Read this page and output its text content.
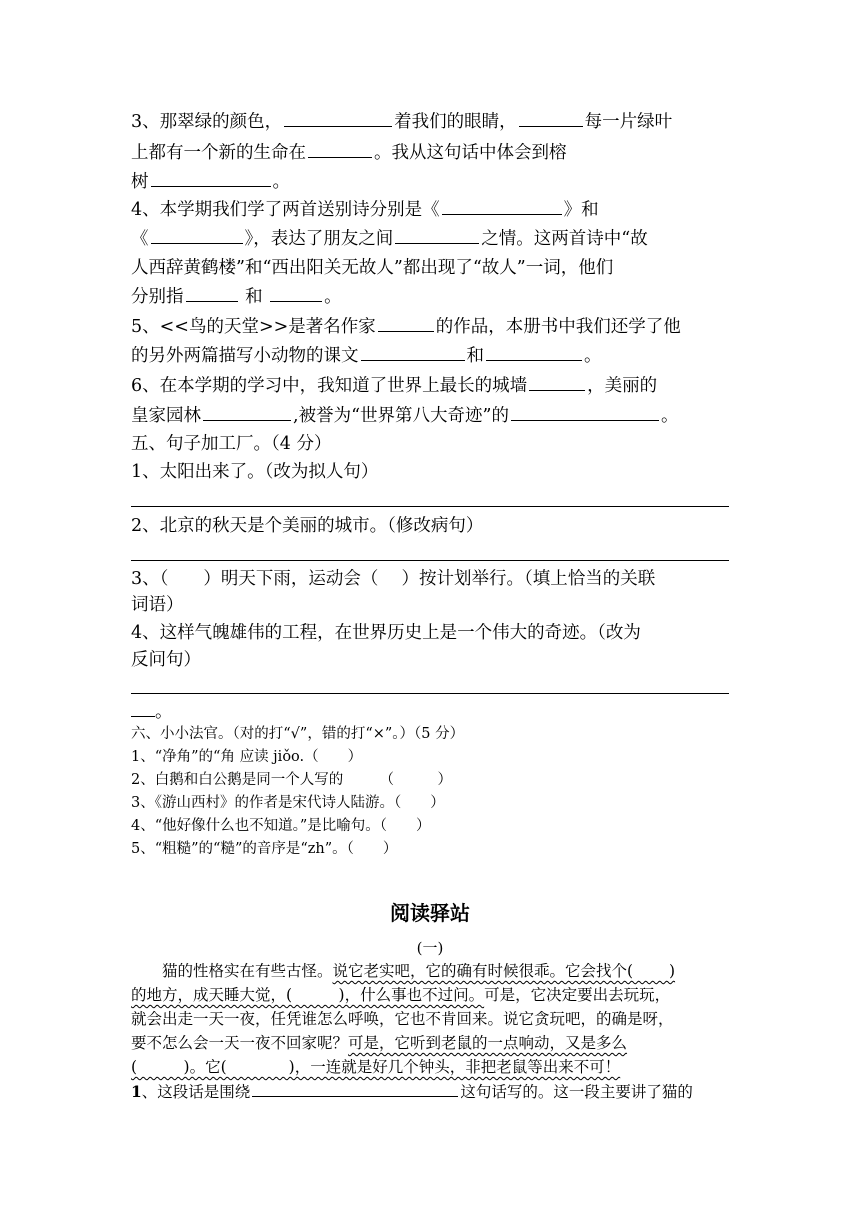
3、那翠绿的颜色，	着我们的眼睛，	每一片绿叶
上都有一个新的生命在	。我从这句话中体会到榕
树	。
4、本学期我们学了两首送别诗分别是《	》和
《	》，表达了朋友之间	之情。这两首诗中“故
人西辞黄鹤楼”和“西出阳关无故人”都出现了“故人”一词，他们
分别指	和	。
5、<<鸟的天堂>>是著名作家	的作品，本册书中我们还学了他
的另外两篇描写小动物的课文	和	。
6、在本学期的学习中，我知道了世界上最长的城墙	，美丽的
皇家园林	,被誉为“世界第八大奇迹”的	。
五、句子加工厂。（4 分）
1、太阳出来了。（改为拟人句）
2、北京的秋天是个美丽的城市。（修改病句）
3、（　　）明天下雨，运动会（　 ）按计划举行。（填上恰当的关联
词语）
4、这样气魄雄伟的工程，在世界历史上是一个伟大的奇迹。（改为
反问句）
。
六、小小法官。（对的打“√”，错的打“×”。）（5 分）
1、“净角”的“角 应读 jiǒo.（　　）
2、白鹅和白公鹅是同一个人写的　　　（　　　）
3、《游山西村》的作者是宋代诗人陆游。（　　）
4、“他好像什么也不知道。”是比喻句。（　　）
5、“粗糙”的“糙”的音序是“zh”。（　　）
阅读驿站
(一)
　　猫的性格实在有些古怪。说它老实吧，它的确有时候很乖。它会找个(　　 )
的地方，成天睡大觉，(　　　)，什么事也不过问。可是，它决定要出去玩玩，
就会出走一天一夜，任凭谁怎么呼唤，它也不肯回来。说它贪玩吧，的确是呀，
要不怎么会一天一夜不回家呢？可是，它听到老鼠的一点响动，又是多么
(　　　)。它(　　　　)，一连就是好几个钟头，非把老鼠等出来不可！
1、这段话是围绕	这句话写的。这一段主要讲了猫的
